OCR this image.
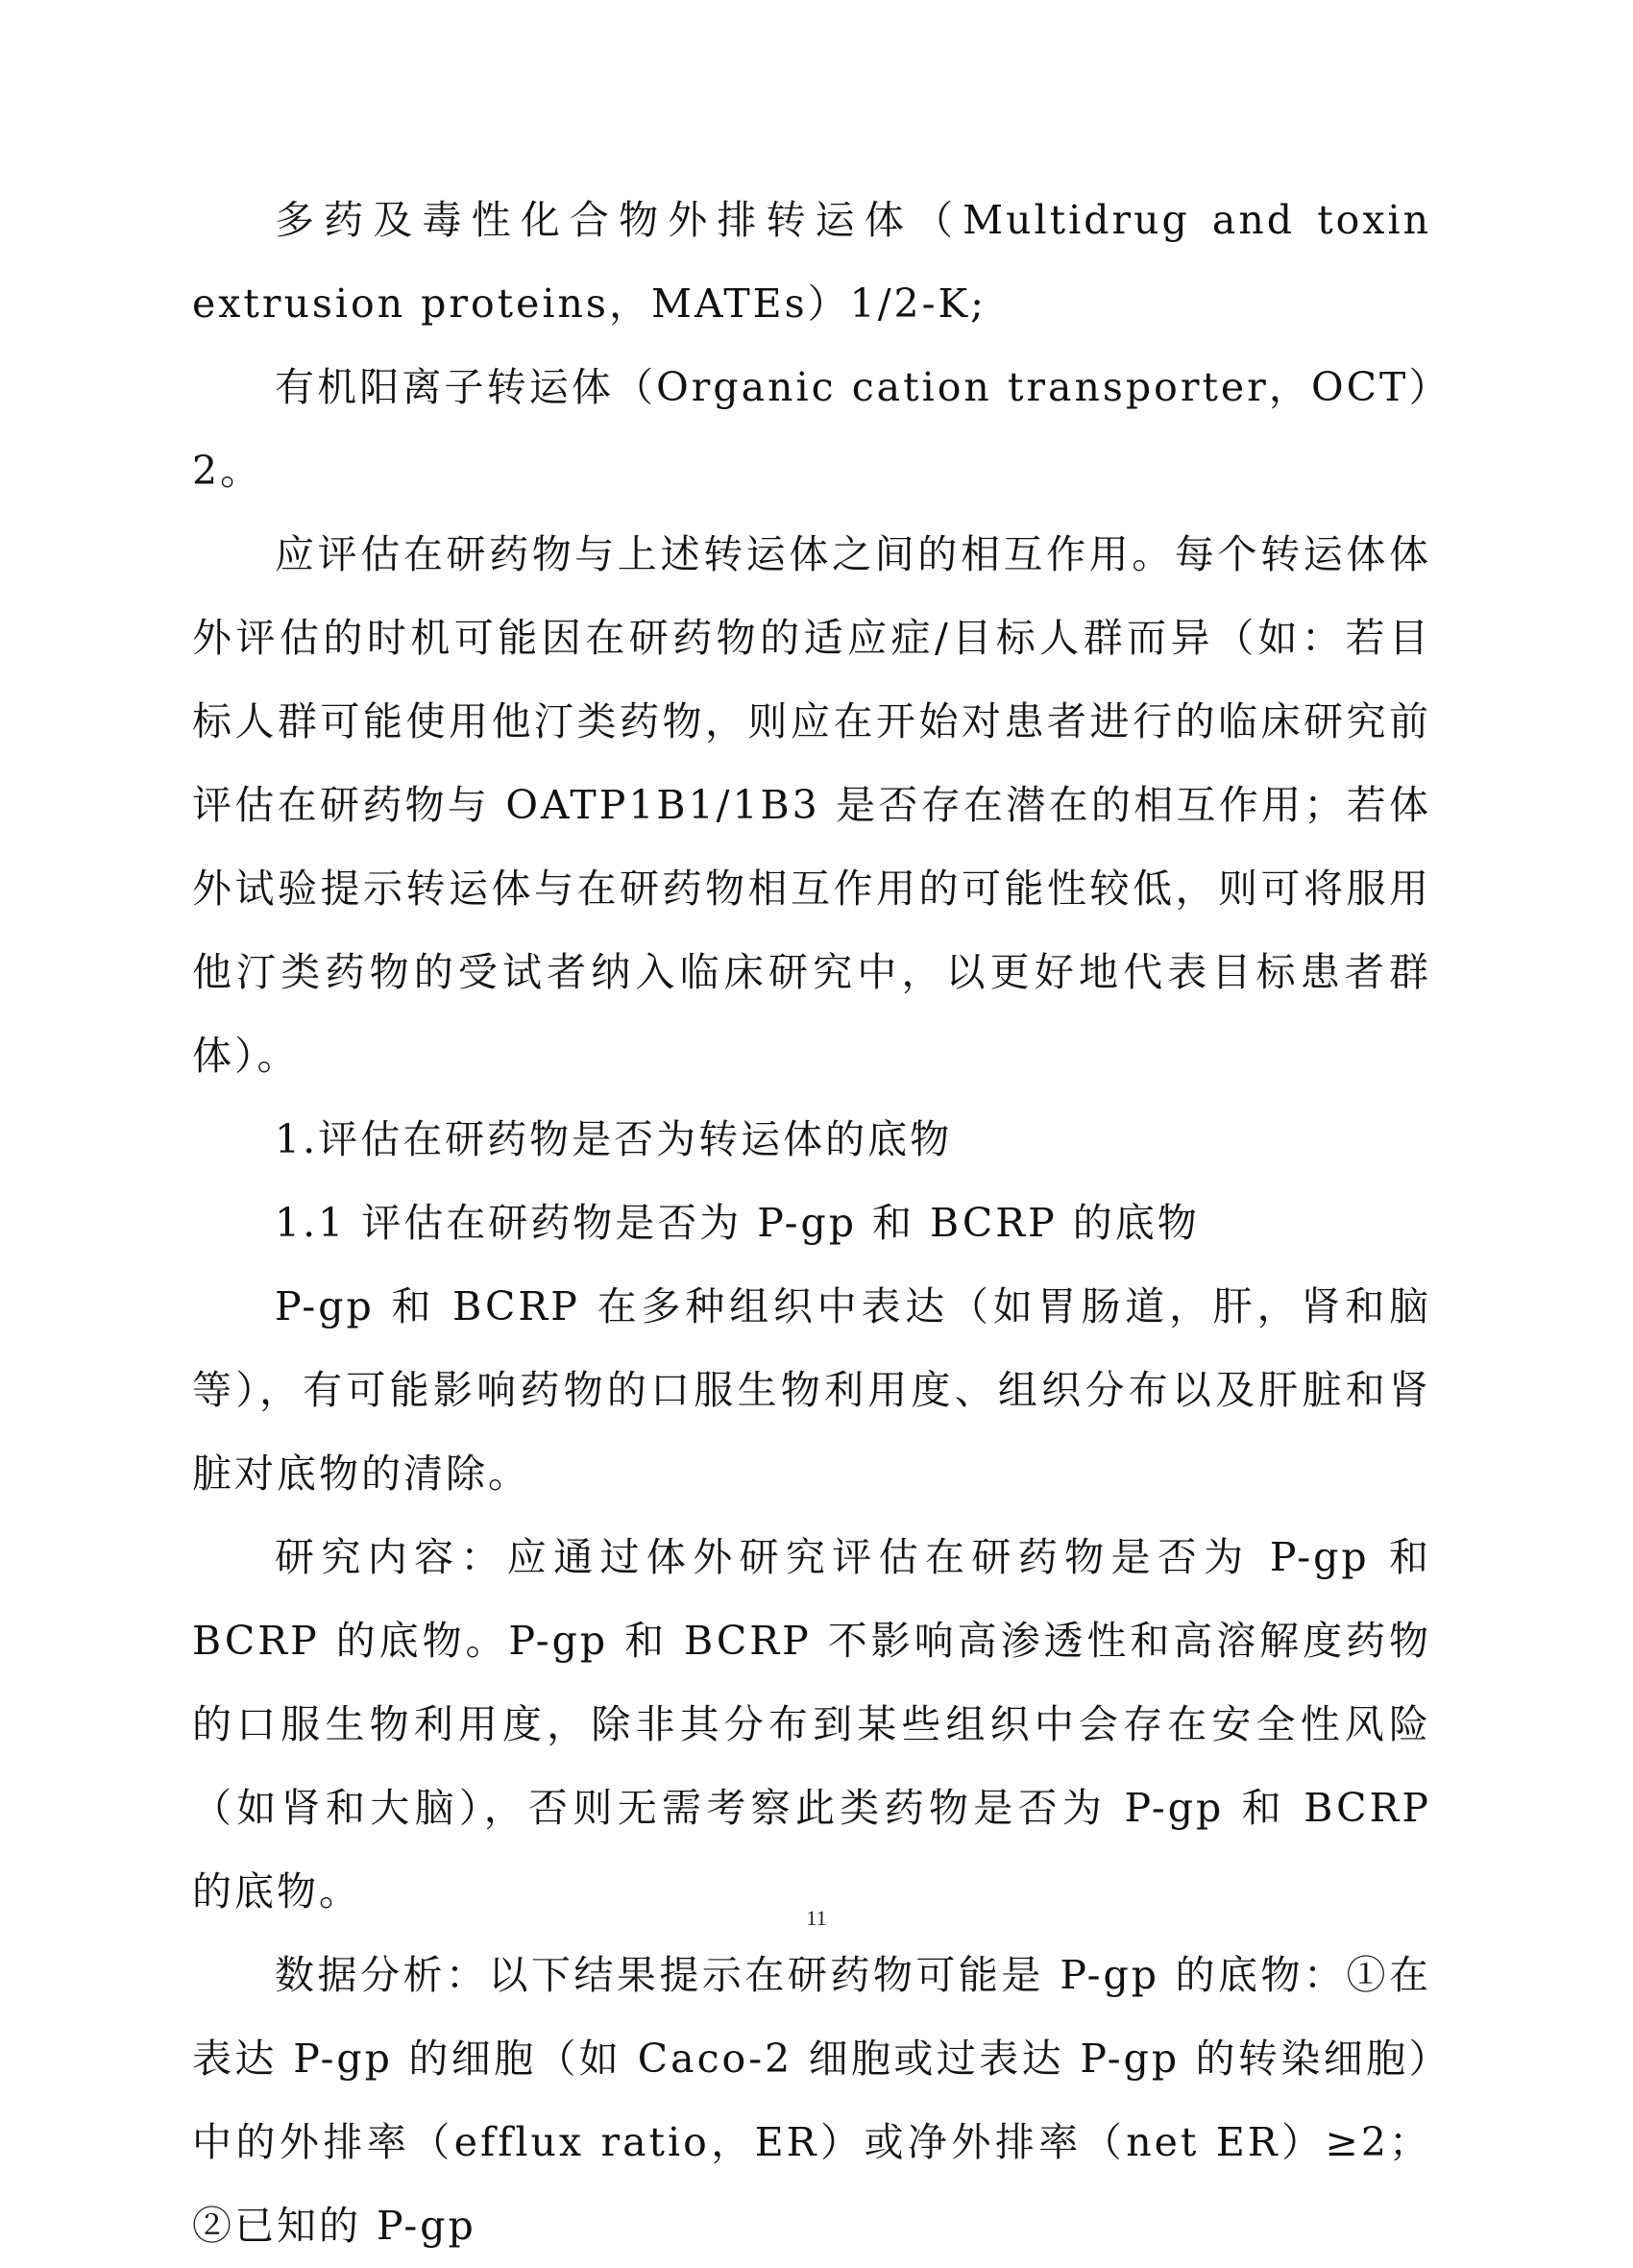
多药及毒性化合物外排转运体（Multidrug and toxin extrusion proteins，MATEs）1/2-K;

有机阳离子转运体（Organic cation transporter，OCT）2。

应评估在研药物与上述转运体之间的相互作用。每个转运体体外评估的时机可能因在研药物的适应症/目标人群而异（如：若目标人群可能使用他汀类药物，则应在开始对患者进行的临床研究前评估在研药物与 OATP1B1/1B3 是否存在潜在的相互作用；若体外试验提示转运体与在研药物相互作用的可能性较低，则可将服用他汀类药物的受试者纳入临床研究中，以更好地代表目标患者群体）。

1.评估在研药物是否为转运体的底物

1.1 评估在研药物是否为 P-gp 和 BCRP 的底物

P-gp 和 BCRP 在多种组织中表达（如胃肠道，肝，肾和脑等），有可能影响药物的口服生物利用度、组织分布以及肝脏和肾脏对底物的清除。

研究内容：应通过体外研究评估在研药物是否为 P-gp 和 BCRP 的底物。P-gp 和 BCRP 不影响高渗透性和高溶解度药物的口服生物利用度，除非其分布到某些组织中会存在安全性风险（如肾和大脑），否则无需考察此类药物是否为 P-gp 和 BCRP 的底物。

数据分析：以下结果提示在研药物可能是 P-gp 的底物：①在表达 P-gp 的细胞（如 Caco-2 细胞或过表达 P-gp 的转染细胞）中的外排率（efflux ratio，ER）或净外排率（net ER）≥2；②已知的 P-gp

11
